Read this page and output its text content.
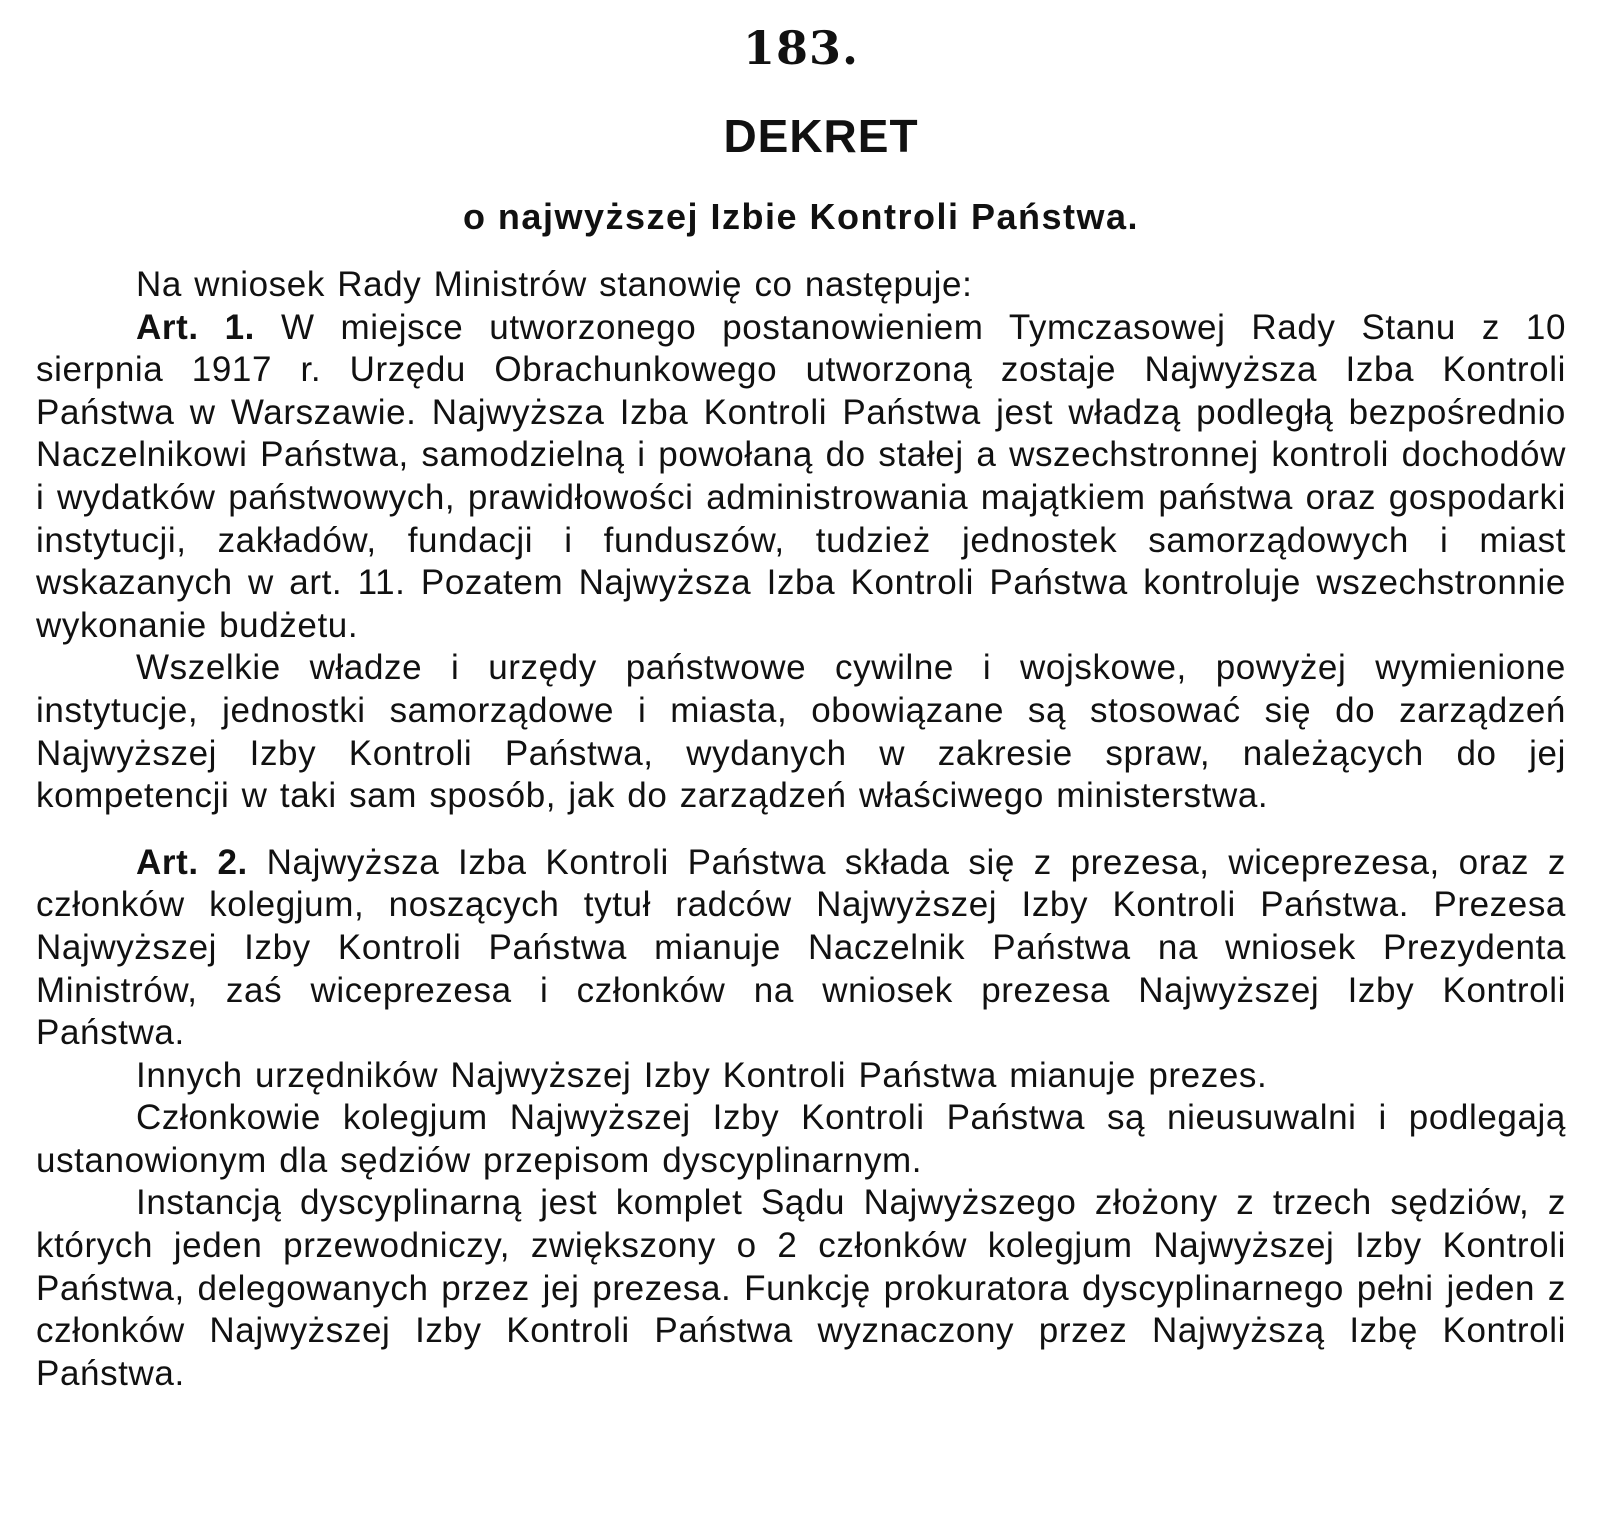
183.
DEKRET
o najwyższej Izbie Kontroli Państwa.

Na wniosek Rady Ministrów stanowię co następuje:

Art. 1. W miejsce utworzonego postanowieniem Tymczasowej Rady Stanu z 10 sierpnia 1917 r. Urzędu Obrachunkowego utworzoną zostaje Najwyższa Izba Kontroli Państwa w Warszawie. Najwyższa Izba Kontroli Państwa jest władzą podległą bezpośrednio Naczelnikowi Państwa, samodzielną i powołaną do stałej a wszechstronnej kontroli dochodów i wydatków państwowych, prawidłowości administrowania majątkiem państwa oraz gospodarki instytucji, zakładów, fundacji i funduszów, tudzież jednostek samorządowych i miast wskazanych w art. 11. Pozatem Najwyższa Izba Kontroli Państwa kontroluje wszechstronnie wykonanie budżetu.

Wszelkie władze i urzędy państwowe cywilne i wojskowe, powyżej wymienione instytucje, jednostki samorządowe i miasta, obowiązane są stosować się do zarządzeń Najwyższej Izby Kontroli Państwa, wydanych w zakresie spraw, należących do jej kompetencji w taki sam sposób, jak do zarządzeń właściwego ministerstwa.

Art. 2. Najwyższa Izba Kontroli Państwa składa się z prezesa, wiceprezesa, oraz z członków kolegjum, noszących tytuł radców Najwyższej Izby Kontroli Państwa. Prezesa Najwyższej Izby Kontroli Państwa mianuje Naczelnik Państwa na wniosek Prezydenta Ministrów, zaś wiceprezesa i członków na wniosek prezesa Najwyższej Izby Kontroli Państwa.

Innych urzędników Najwyższej Izby Kontroli Państwa mianuje prezes.

Członkowie kolegjum Najwyższej Izby Kontroli Państwa są nieusuwalni i podlegają ustanowionym dla sędziów przepisom dyscyplinarnym.

Instancją dyscyplinarną jest komplet Sądu Najwyższego złożony z trzech sędziów, z których jeden przewodniczy, zwiększony o 2 członków kolegjum Najwyższej Izby Kontroli Państwa, delegowanych przez jej prezesa. Funkcję prokuratora dyscyplinarnego pełni jeden z członków Najwyższej Izby Kontroli Państwa wyznaczony przez Najwyższą Izbę Kontroli Państwa.
